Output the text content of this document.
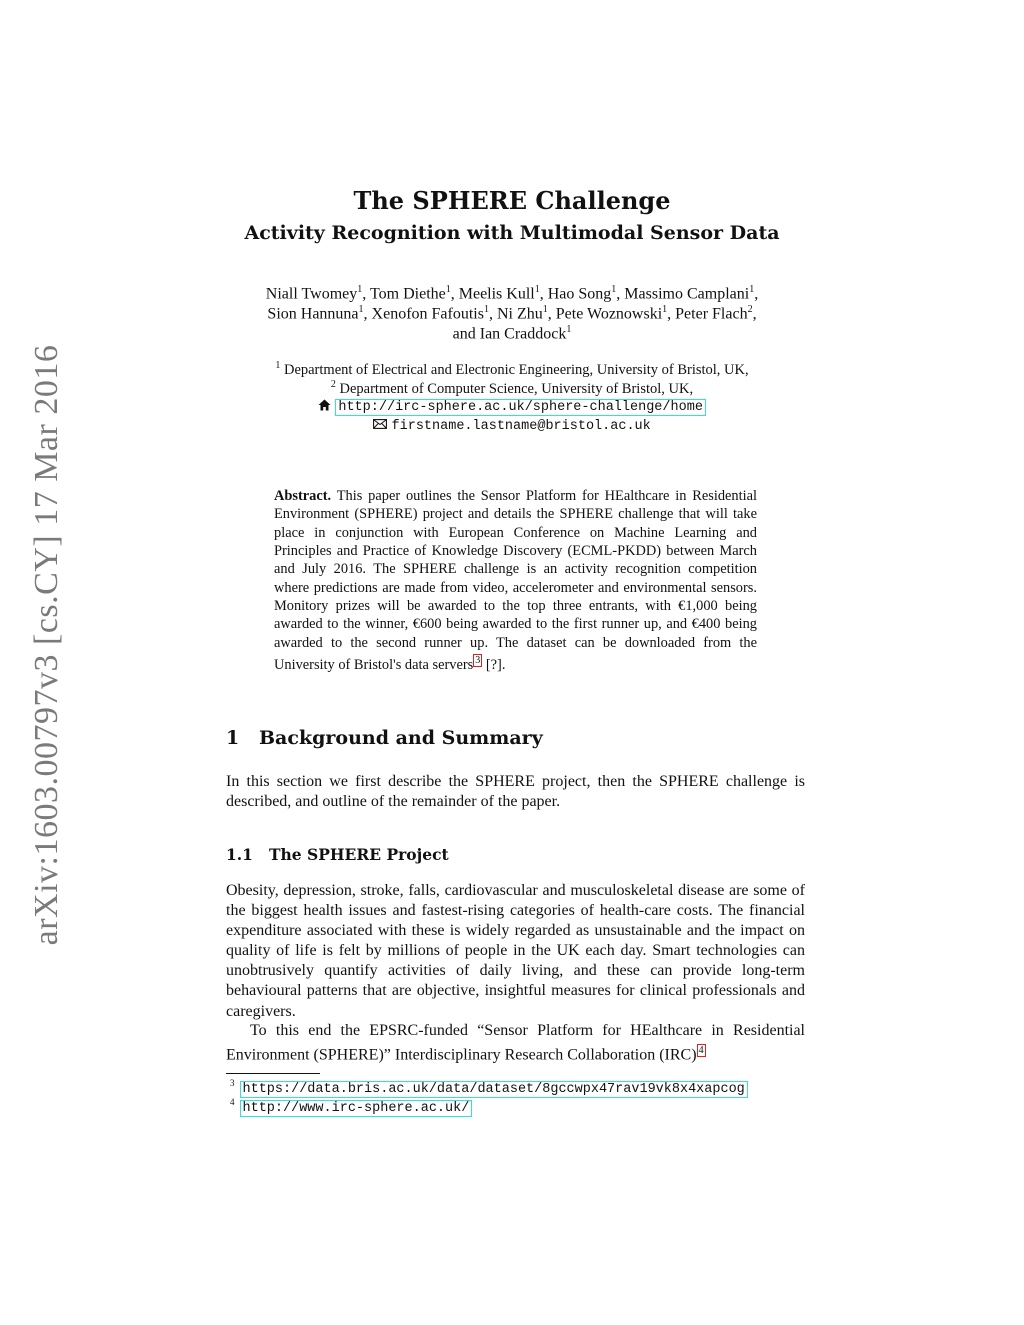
arXiv:1603.00797v3 [cs.CY] 17 Mar 2016
The SPHERE Challenge
Activity Recognition with Multimodal Sensor Data
Niall Twomey$^1$, Tom Diethe$^1$, Meelis Kull$^1$, Hao Song$^1$, Massimo Camplani$^1$,
Sion Hannuna$^1$, Xenofon Fafoutis$^1$, Ni Zhu$^1$, Pete Woznowski$^1$, Peter Flach$^2$,
and Ian Craddock$^1$
$^1$ Department of Electrical and Electronic Engineering, University of Bristol, UK,
$^2$ Department of Computer Science, University of Bristol, UK,
http://irc-sphere.ac.uk/sphere-challenge/home
firstname.lastname@bristol.ac.uk
Abstract. This paper outlines the Sensor Platform for HEalthcare in Residential Environment (SPHERE) project and details the SPHERE challenge that will take place in conjunction with European Conference on Machine Learning and Principles and Practice of Knowledge Discovery (ECML-PKDD) between March and July 2016. The SPHERE challenge is an activity recognition competition where predictions are made from video, accelerometer and environmental sensors. Monitory prizes will be awarded to the top three entrants, with €1,000 being awarded to the winner, €600 being awarded to the first runner up, and €400 being awarded to the second runner up. The dataset can be downloaded from the University of Bristol's data servers $^3$ [?].
1 Background and Summary

In this section we first describe the SPHERE project, then the SPHERE challenge is described, and outline of the remainder of the paper.

1.1 The SPHERE Project

Obesity, depression, stroke, falls, cardiovascular and musculoskeletal disease are some of the biggest health issues and fastest-rising categories of health-care costs. The financial expenditure associated with these is widely regarded as unsustainable and the impact on quality of life is felt by millions of people in the UK each day. Smart technologies can unobtrusively quantify activities of daily living, and these can provide long-term behavioural patterns that are objective, insightful measures for clinical professionals and caregivers.

To this end the EPSRC-funded “Sensor Platform for HEalthcare in Residential Environment (SPHERE)” Interdisciplinary Research Collaboration (IRC) $^4$

$^3$ https://data.bris.ac.uk/data/dataset/8gccwpx47rav19vk8x4xapcog
$^4$ http://www.irc-sphere.ac.uk/
